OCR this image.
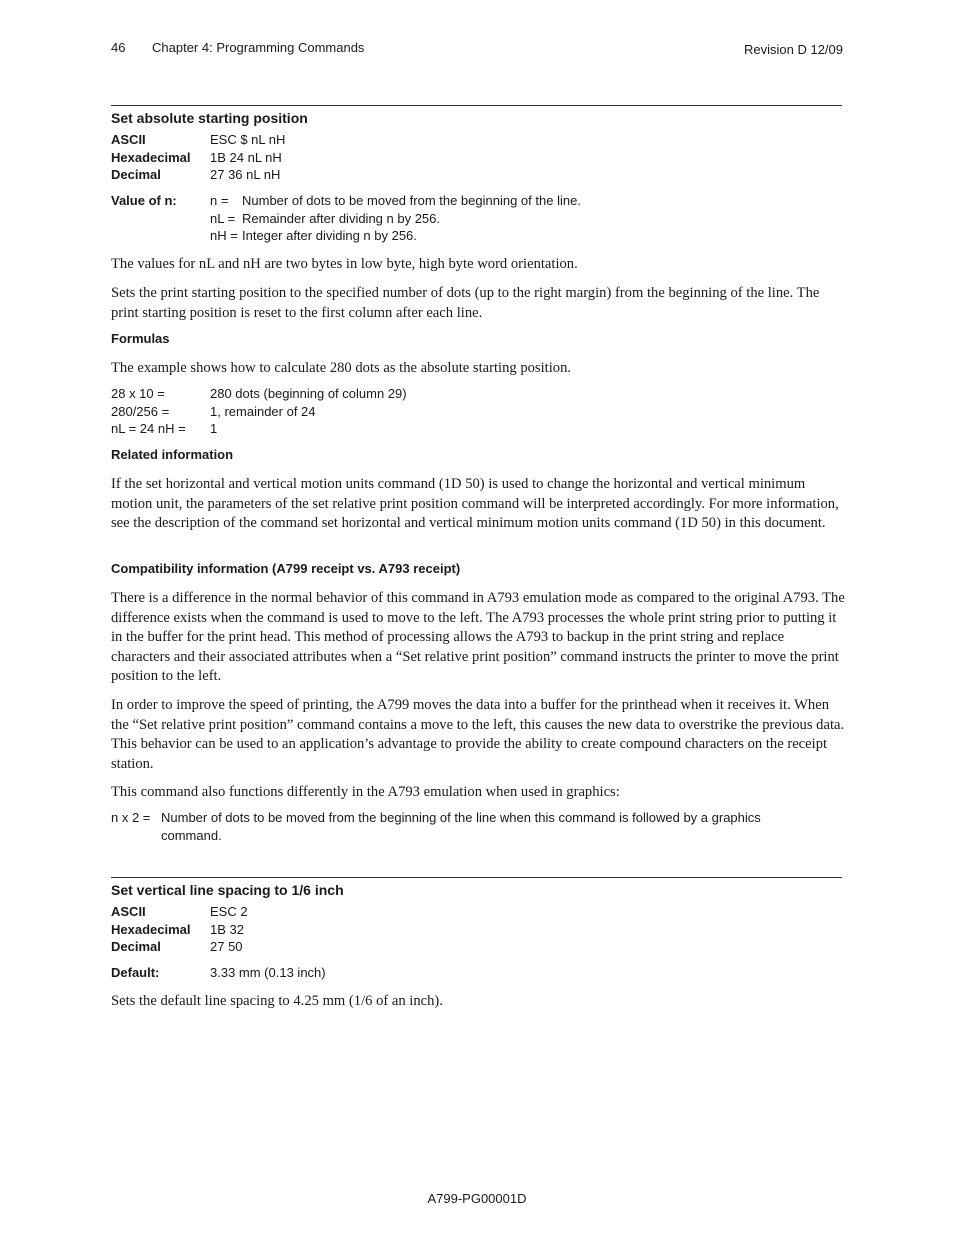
46 Chapter 4: Programming Commands	Revision D 12/09
Set absolute starting position
ASCII	ESC $ nL nH
Hexadecimal	1B 24 nL nH
Decimal	27 36 nL nH
Value of n:	n =	Number of dots to be moved from the beginning of the line.
nL = Remainder after dividing n by 256.
nH = Integer after dividing n by 256.

The values for nL and nH are two bytes in low byte, high byte word orientation.

Sets the print starting position to the specified number of dots (up to the right margin) from the beginning of the line. The print starting position is reset to the first column after each line.

Formulas

The example shows how to calculate 280 dots as the absolute starting position.

28 x 10 =	280 dots (beginning of column 29)
280/256 =	1, remainder of 24
nL = 24 nH =	1
Related information

If the set horizontal and vertical motion units command (1D 50) is used to change the horizontal and vertical minimum motion unit, the parameters of the set relative print position command will be interpreted accordingly. For more information, see the description of the command set horizontal and vertical minimum motion units command (1D 50) in this document.

Compatibility information (A799 receipt vs. A793 receipt)

There is a difference in the normal behavior of this command in A793 emulation mode as compared to the original A793. The difference exists when the command is used to move to the left. The A793 processes the whole print string prior to putting it in the buffer for the print head. This method of processing allows the A793 to backup in the print string and replace characters and their associated attributes when a “Set relative print position” command instructs the printer to move the print position to the left.

In order to improve the speed of printing, the A799 moves the data into a buffer for the printhead when it receives it. When the “Set relative print position” command contains a move to the left, this causes the new data to overstrike the previous data. This behavior can be used to an application’s advantage to provide the ability to create compound characters on the receipt station.

This command also functions differently in the A793 emulation when used in graphics:

n x 2 = Number of dots to be moved from the beginning of the line when this command is followed by a graphics command.
Set vertical line spacing to 1/6 inch
ASCII	ESC 2
Hexadecimal	1B 32
Decimal	27 50
Default:	3.33 mm (0.13 inch)

Sets the default line spacing to 4.25 mm (1/6 of an inch).

A799-PG00001D
